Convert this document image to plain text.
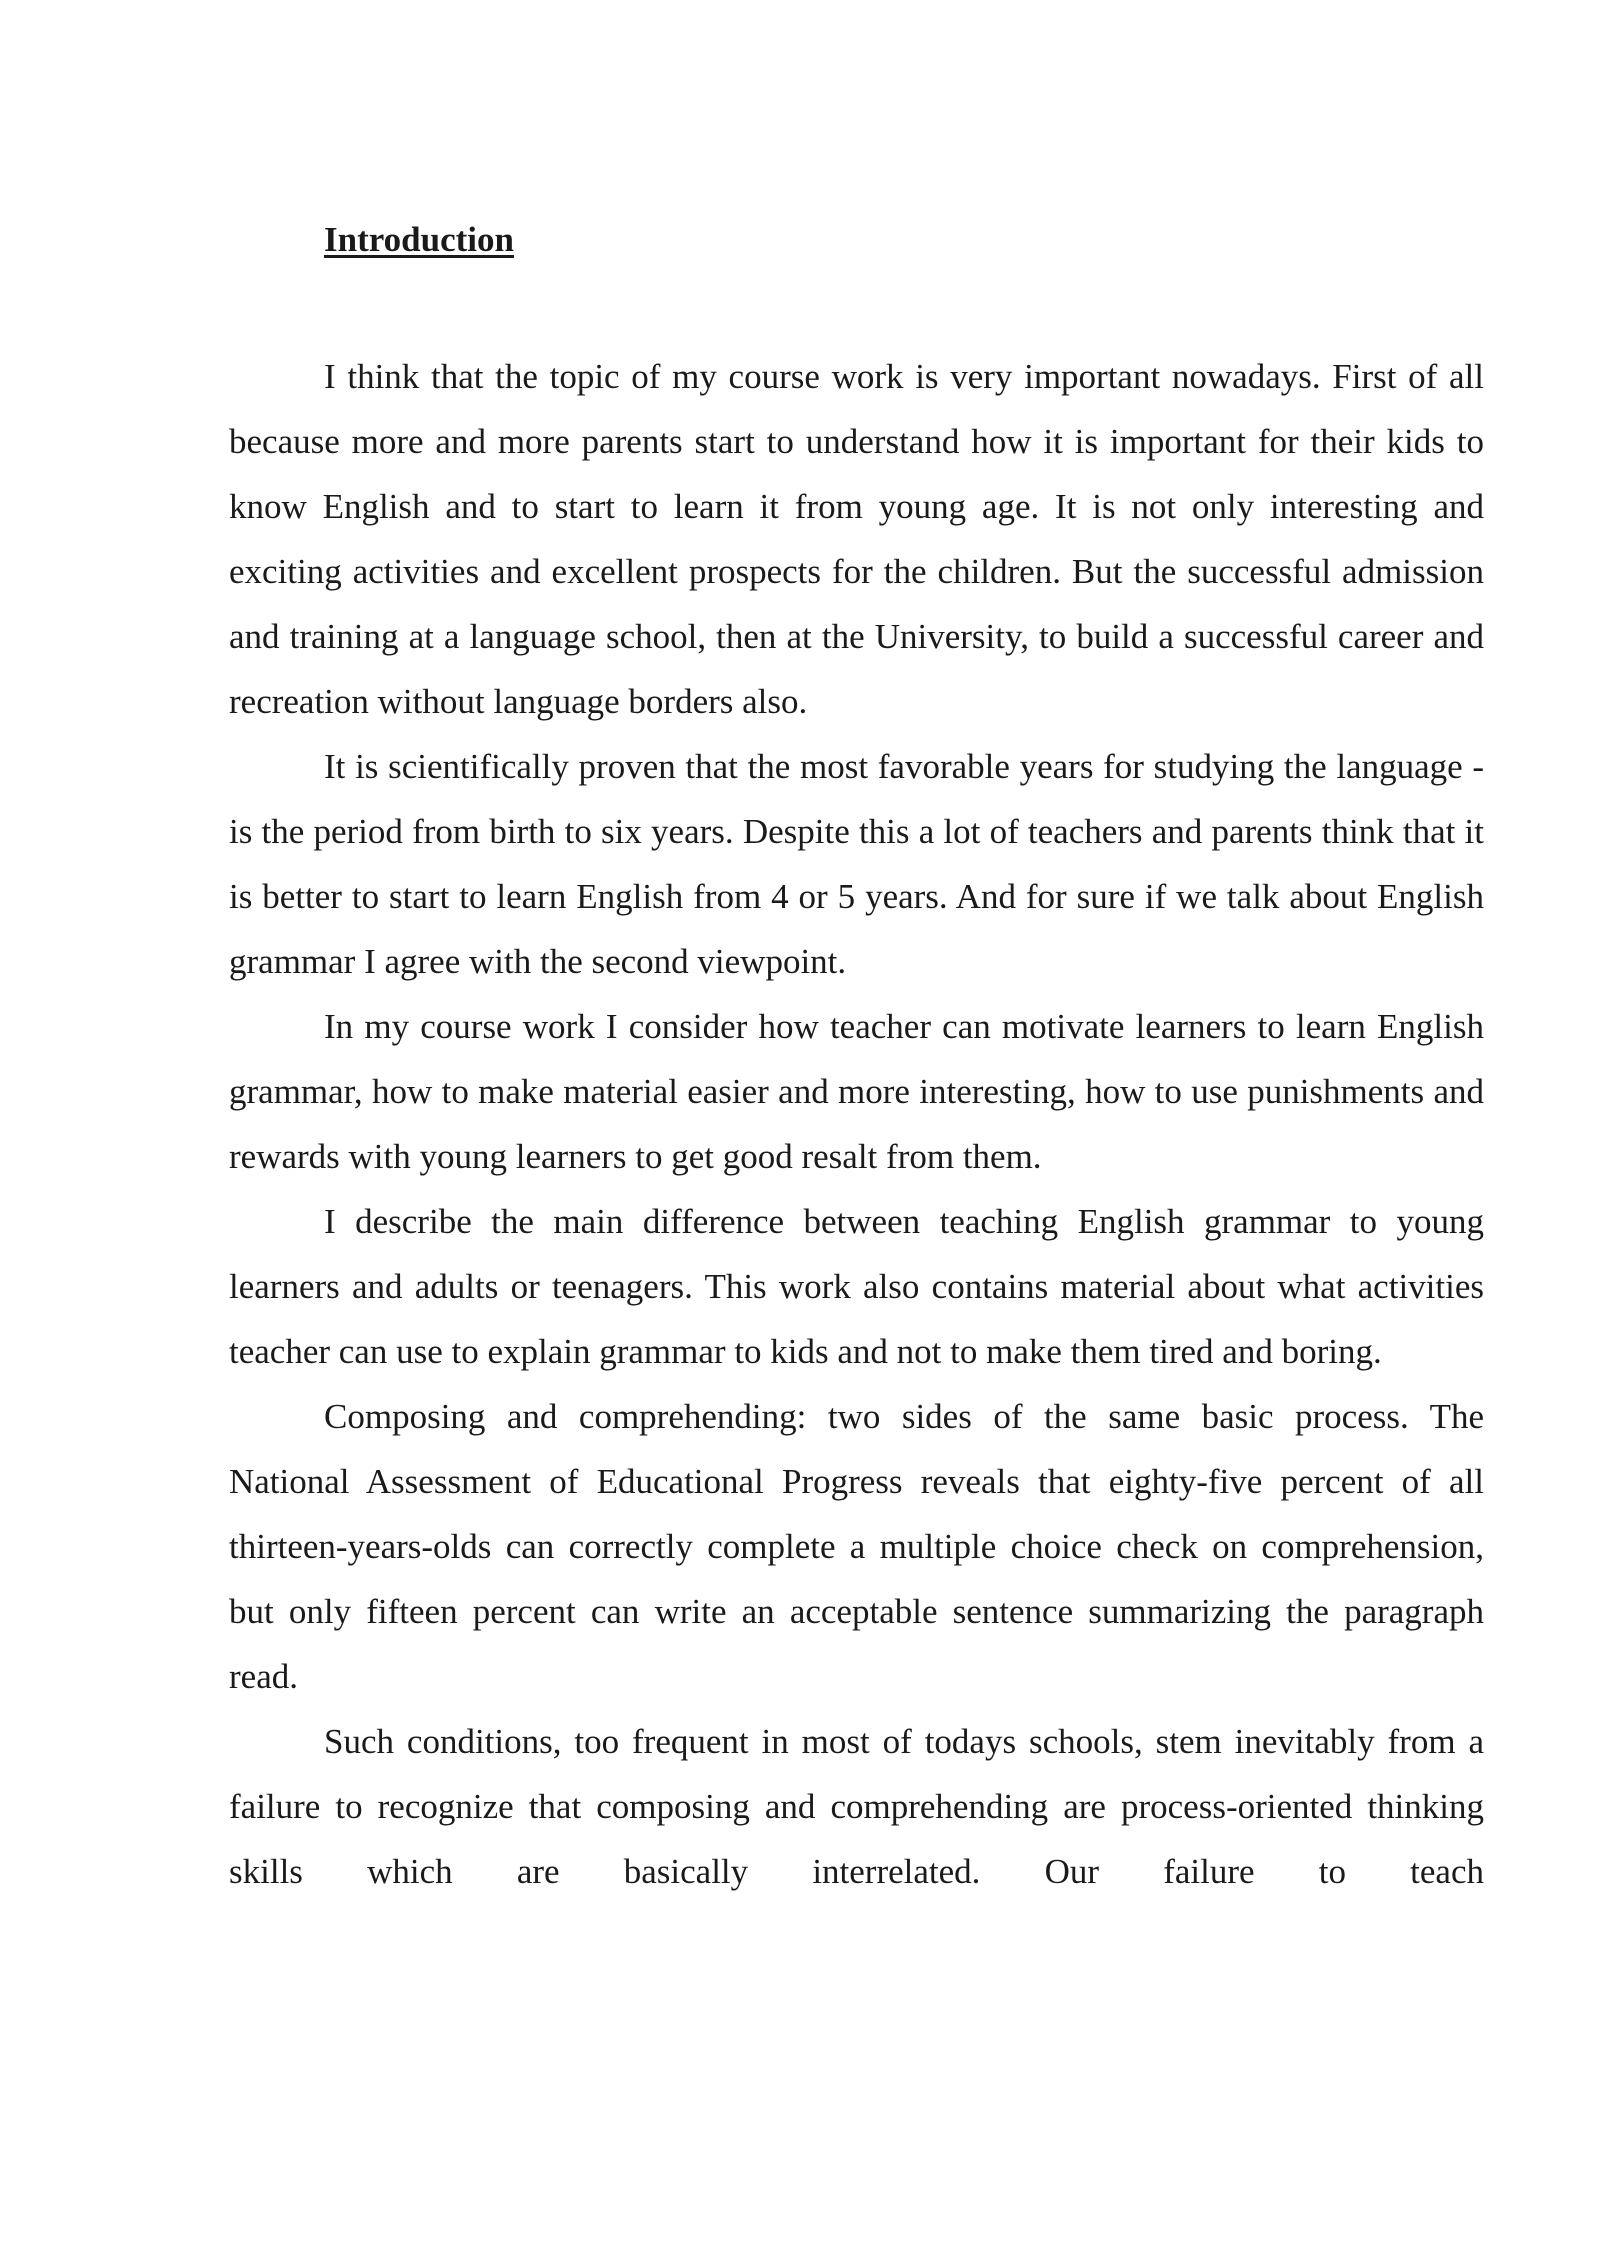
Introduction

I think that the topic of my course work is very important nowadays. First of all because more and more parents start to understand how it is important for their kids to know English and to start to learn it from young age. It is not only interesting and exciting activities and excellent prospects for the children. But the successful admission and training at a language school, then at the University, to build a successful career and recreation without language borders also.

It is scientifically proven that the most favorable years for studying the language - is the period from birth to six years. Despite this a lot of teachers and parents think that it is better to start to learn English from 4 or 5 years. And for sure if we talk about English grammar I agree with the second viewpoint.

In my course work I consider how teacher can motivate learners to learn English grammar, how to make material easier and more interesting, how to use punishments and rewards with young learners to get good resalt from them.

I describe the main difference between teaching English grammar to young learners and adults or teenagers. This work also contains material about what activities teacher can use to explain grammar to kids and not to make them tired and boring.

Composing and comprehending: two sides of the same basic process. The National Assessment of Educational Progress reveals that eighty-five percent of all thirteen-years-olds can correctly complete a multiple choice check on comprehension, but only fifteen percent can write an acceptable sentence summarizing the paragraph read.

Such conditions, too frequent in most of todays schools, stem inevitably from a failure to recognize that composing and comprehending are process-oriented thinking skills which are basically interrelated. Our failure to teach
